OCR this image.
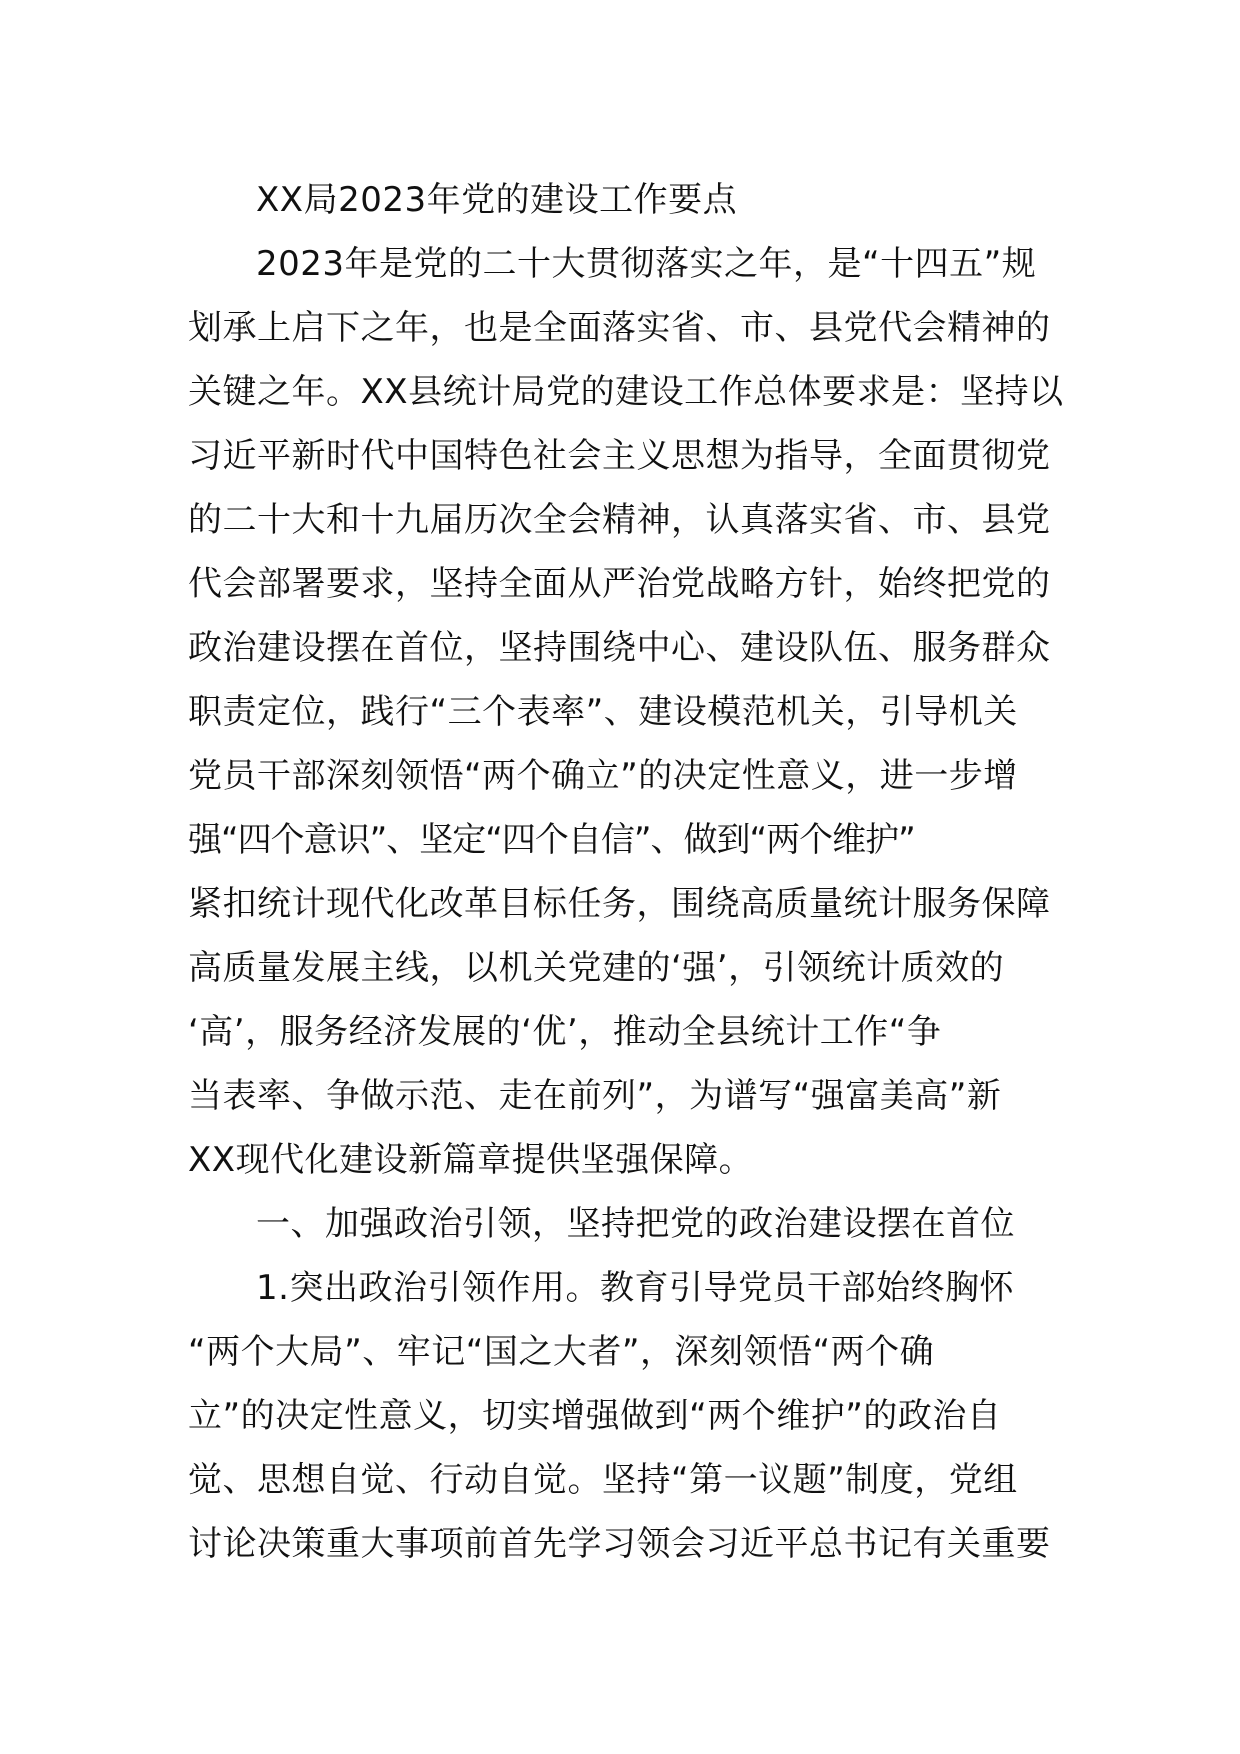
XX局2023年党的建设工作要点
2023年是党的二十大贯彻落实之年，是“十四五”规
划承上启下之年，也是全面落实省、市、县党代会精神的
关键之年。XX县统计局党的建设工作总体要求是：坚持以
习近平新时代中国特色社会主义思想为指导，全面贯彻党
的二十大和十九届历次全会精神，认真落实省、市、县党
代会部署要求，坚持全面从严治党战略方针，始终把党的
政治建设摆在首位，坚持围绕中心、建设队伍、服务群众
职责定位，践行“三个表率”、建设模范机关，引导机关
党员干部深刻领悟“两个确立”的决定性意义，进一步增
强“四个意识”、坚定“四个自信”、做到“两个维护”
紧扣统计现代化改革目标任务，围绕高质量统计服务保障
高质量发展主线，以机关党建的‘强’，引领统计质效的
‘高’，服务经济发展的‘优’，推动全县统计工作“争
当表率、争做示范、走在前列”，为谱写“强富美高”新
XX现代化建设新篇章提供坚强保障。
一、加强政治引领，坚持把党的政治建设摆在首位
1.突出政治引领作用。教育引导党员干部始终胸怀
“两个大局”、牢记“国之大者”，深刻领悟“两个确
立”的决定性意义，切实增强做到“两个维护”的政治自
觉、思想自觉、行动自觉。坚持“第一议题”制度，党组
讨论决策重大事项前首先学习领会习近平总书记有关重要
